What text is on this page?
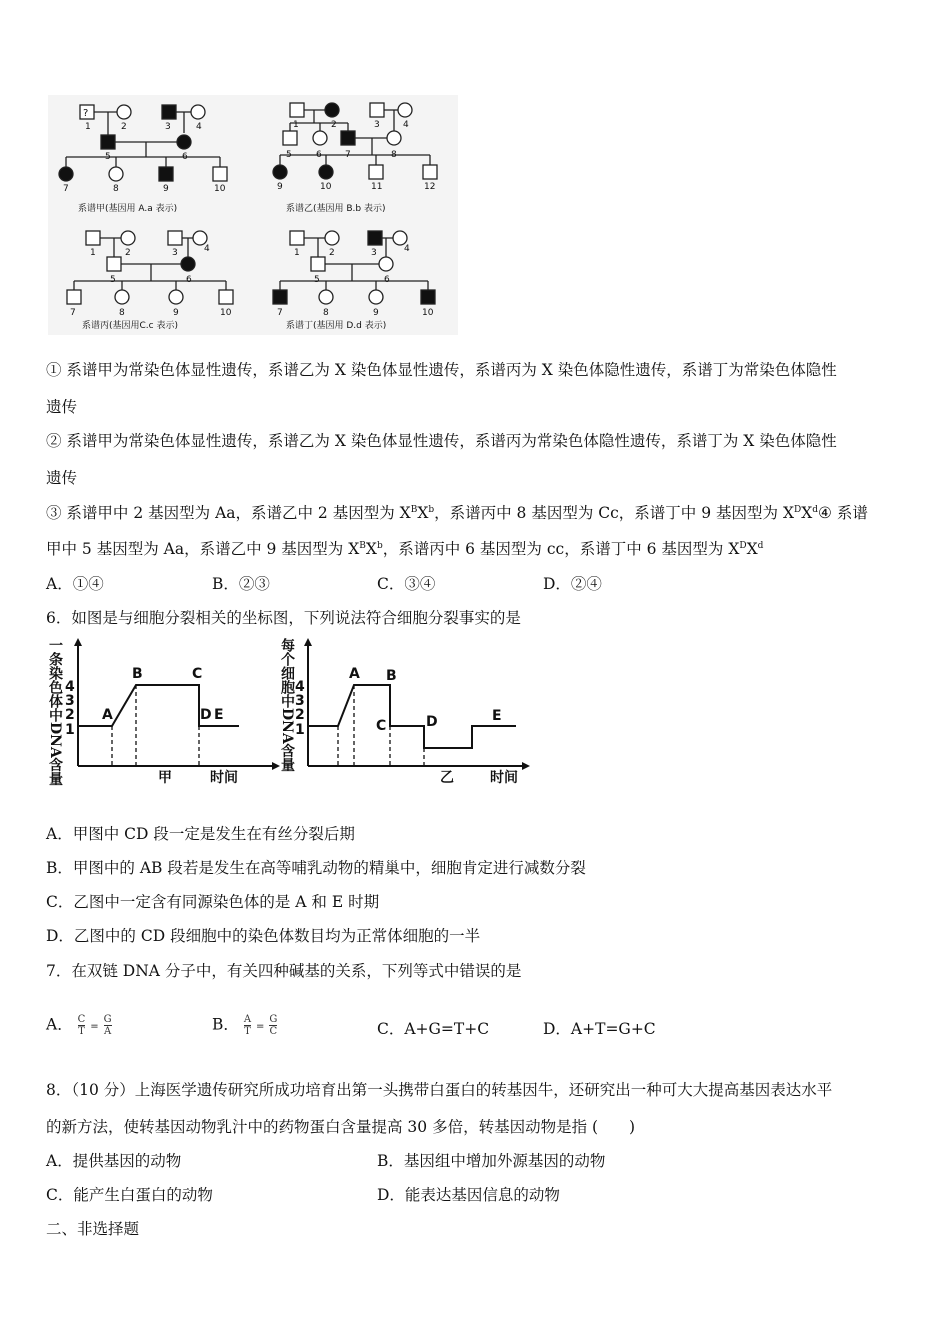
?
1	2	3	4
5	6
7	8	9	10
系谱甲(基因用 A.a 表示)
1	2	3	4
5	6	7	8
9	10	11	12
系谱乙(基因用 B.b 表示)
1	2	3	4
5	6
7	8	9	10
系谱丙(基因用C.c 表示)
1	2	3	4
5	6
7	8	9	10
系谱丁(基因用 D.d 表示)
① 系谱甲为常染色体显性遗传，系谱乙为 X 染色体显性遗传，系谱丙为 X 染色体隐性遗传，系谱丁为常染色体隐性
遗传
② 系谱甲为常染色体显性遗传，系谱乙为 X 染色体显性遗传，系谱丙为常染色体隐性遗传，系谱丁为 X 染色体隐性
遗传
③ 系谱甲中 2 基因型为 Aa，系谱乙中 2 基因型为 $X^BX^b$，系谱丙中 8 基因型为 Cc，系谱丁中 9 基因型为 $X^DX^d④$ 系谱
甲中 5 基因型为 Aa，系谱乙中 9 基因型为 $X^BX^b$，系谱丙中 6 基因型为 cc，系谱丁中 6 基因型为 $X^DX^d$
A．①④	B．②③	C．③④	D．②④
6．如图是与细胞分裂相关的坐标图，下列说法符合细胞分裂事实的是
一条染色体中DNA含量 4
3
2
1
A
B	C
D E
甲	时间
每个细胞中DNA含量 4
3
2
1
A B
C	D	E
乙	时间
A．甲图中 CD 段一定是发生在有丝分裂后期
B．甲图中的 AB 段若是发生在高等哺乳动物的精巢中，细胞肯定进行减数分裂
C．乙图中一定含有同源染色体的是 A 和 E 时期
D．乙图中的 CD 段细胞中的染色体数目均为正常体细胞的一半
7．在双链 DNA 分子中，有关四种碱基的关系，下列等式中错误的是
A． $\frac{C}{T} = \frac{G}{A}$	B． $\frac{A}{T} = \frac{G}{C}$	C．A+G=T+C	D．A+T=G+C
8．（10 分）上海医学遗传研究所成功培育出第一头携带白蛋白的转基因牛，还研究出一种可大大提高基因表达水平
的新方法，使转基因动物乳汁中的药物蛋白含量提高 30 多倍，转基因动物是指 (　　)
A．提供基因的动物	B．基因组中增加外源基因的动物
C．能产生白蛋白的动物	D．能表达基因信息的动物
二、非选择题
